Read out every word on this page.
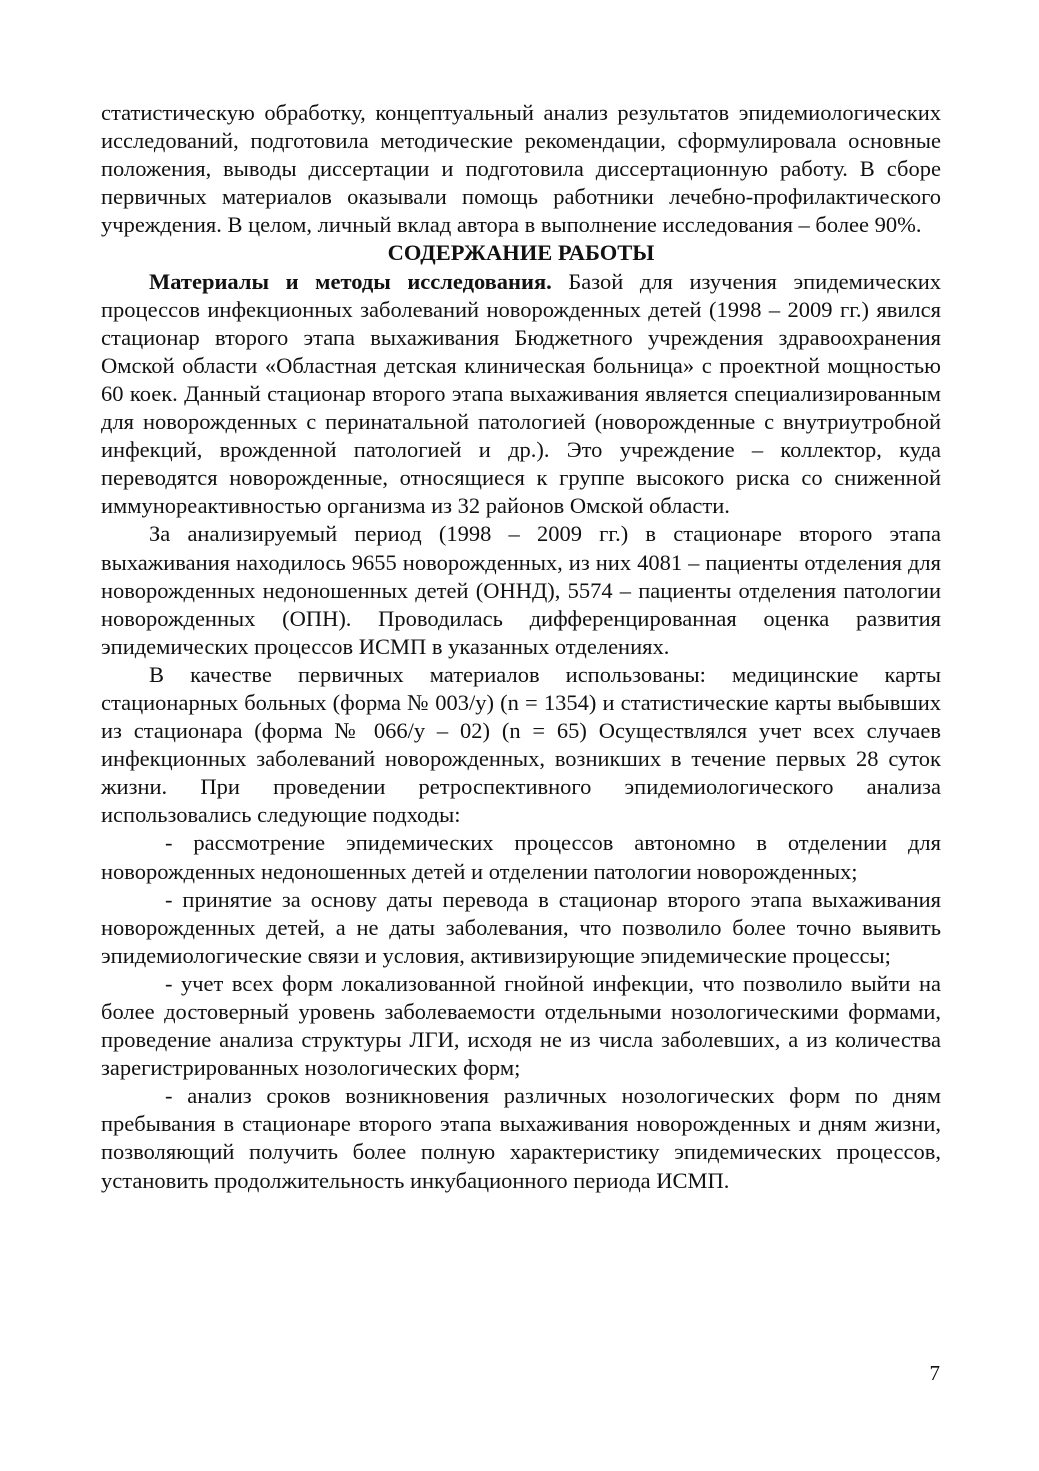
статистическую обработку, концептуальный анализ результатов эпидемиологических исследований, подготовила методические рекомендации, сформулировала основные положения, выводы диссертации и подготовила диссертационную работу. В сборе первичных материалов оказывали помощь работники лечебно-профилактического учреждения. В целом, личный вклад автора в выполнение исследования – более 90%.

СОДЕРЖАНИЕ РАБОТЫ

Материалы и методы исследования. Базой для изучения эпидемических процессов инфекционных заболеваний новорожденных детей (1998 – 2009 гг.) явился стационар второго этапа выхаживания Бюджетного учреждения здравоохранения Омской области «Областная детская клиническая больница» с проектной мощностью 60 коек. Данный стационар второго этапа выхаживания является специализированным для новорожденных с перинатальной патологией (новорожденные с внутриутробной инфекций, врожденной патологией и др.). Это учреждение – коллектор, куда переводятся новорожденные, относящиеся к группе высокого риска со сниженной иммунореактивностью организма из 32 районов Омской области.

За анализируемый период (1998 – 2009 гг.) в стационаре второго этапа выхаживания находилось 9655 новорожденных, из них 4081 – пациенты отделения для новорожденных недоношенных детей (ОННД), 5574 – пациенты отделения патологии новорожденных (ОПН). Проводилась дифференцированная оценка развития эпидемических процессов ИСМП в указанных отделениях.

В качестве первичных материалов использованы: медицинские карты стационарных больных (форма № 003/у) (n = 1354) и статистические карты выбывших из стационара (форма № 066/у – 02) (n = 65) Осуществлялся учет всех случаев инфекционных заболеваний новорожденных, возникших в течение первых 28 суток жизни. При проведении ретроспективного эпидемиологического анализа использовались следующие подходы:

- рассмотрение эпидемических процессов автономно в отделении для новорожденных недоношенных детей и отделении патологии новорожденных;

- принятие за основу даты перевода в стационар второго этапа выхаживания новорожденных детей, а не даты заболевания, что позволило более точно выявить эпидемиологические связи и условия, активизирующие эпидемические процессы;

- учет всех форм локализованной гнойной инфекции, что позволило выйти на более достоверный уровень заболеваемости отдельными нозологическими формами, проведение анализа структуры ЛГИ, исходя не из числа заболевших, а из количества зарегистрированных нозологических форм;

- анализ сроков возникновения различных нозологических форм по дням пребывания в стационаре второго этапа выхаживания новорожденных и дням жизни, позволяющий получить более полную характеристику эпидемических процессов, установить продолжительность инкубационного периода ИСМП.

7
